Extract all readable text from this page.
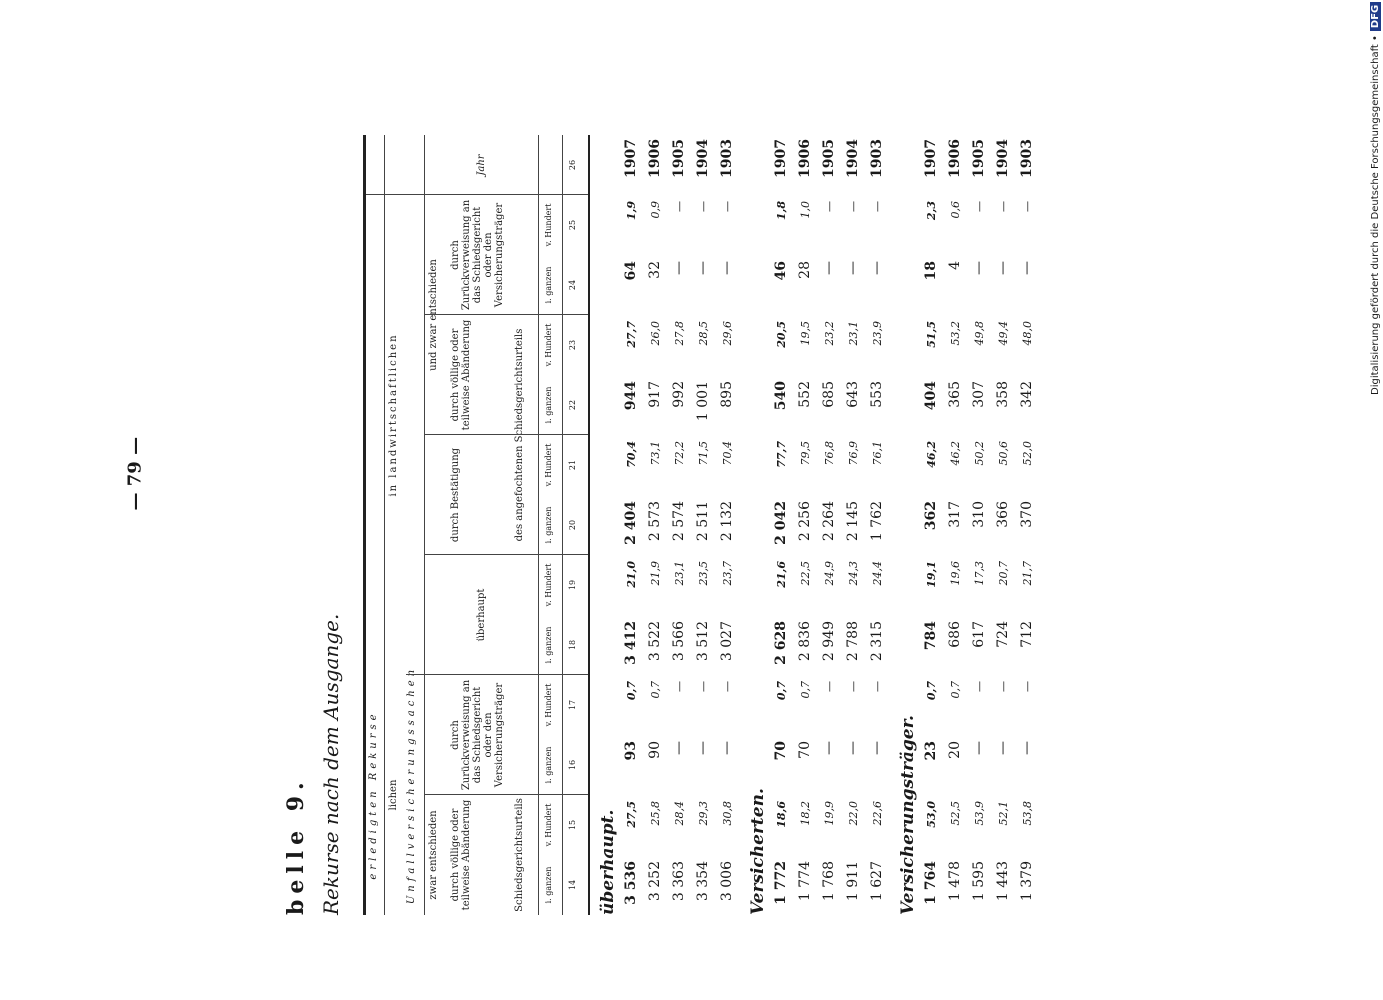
— 79 —
belle 9. Rekurse nach dem Ausgange.	erledigten Rekurse lichen
in landwirtschaftlichen
Unfallversicherungssachen zwar entschieden
und zwar entschieden
durch völlige oder teilweise Abänderung
durch Zurückverweisung an das Schiedsgericht oder den Versicherungsträger
überhaupt
durch Bestätigung
durch völlige oder teilweise Abänderung
durch Zurückverweisung an das Schiedsgericht oder den Versicherungsträger
Jahr
Schiedsgerichtsurteils
des angefochtenen Schiedsgerichtsurteils
i. ganzen
v. Hundert
i. ganzen
v. Hundert
i. ganzen
v. Hundert
i. ganzen
v. Hundert
i. ganzen
v. Hundert
i. ganzen
v. Hundert
14
15
16
17
18
19
20
21
22
23
24
25
26
überhaupt. 3 536
27,5
93
0,7
3 412
21,0
2 404
70,4
944
27,7
64
1,9
1907
3 252
25,8
90
0,7
3 522
21,9
2 573
73,1
917
26,0
32
0,9
1906
3 363
28,4
—
—
3 566
23,1
2 574
72,2
992
27,8
—
—
1905
3 354
29,3
—
—
3 512
23,5
2 511
71,5
1 001
28,5
—
—
1904
3 006
30,8
—
—
3 027
23,7
2 132
70,4
895
29,6
—
—
1903
Versicherten. 1 772
18,6
70
0,7
2 628
21,6
2 042
77,7
540
20,5
46
1,8
1907
1 774
18,2
70
0,7
2 836
22,5
2 256
79,5
552
19,5
28
1,0
1906
1 768
19,9
—
—
2 949
24,9
2 264
76,8
685
23,2
—
—
1905
1 911
22,0
—
—
2 788
24,3
2 145
76,9
643
23,1
—
—
1904
1 627
22,6
—
—
2 315
24,4
1 762
76,1
553
23,9
—
—
1903
Versicherungsträger. 1 764
53,0
23
0,7
784
19,1
362
46,2
404
51,5
18
2,3
1907
1 478
52,5
20
0,7
686
19,6
317
46,2
365
53,2
4
0,6
1906
1 595
53,9
—
—
617
17,3
310
50,2
307
49,8
—
—
1905
1 443
52,1
—
—
724
20,7
366
50,6
358
49,4
—
—
1904
1 379
53,8
—
—
712
21,7
370
52,0
342
48,0
—
—
1903	Digitalisierung gefördert durch die Deutsche Forschungsgemeinschaft •DFG
